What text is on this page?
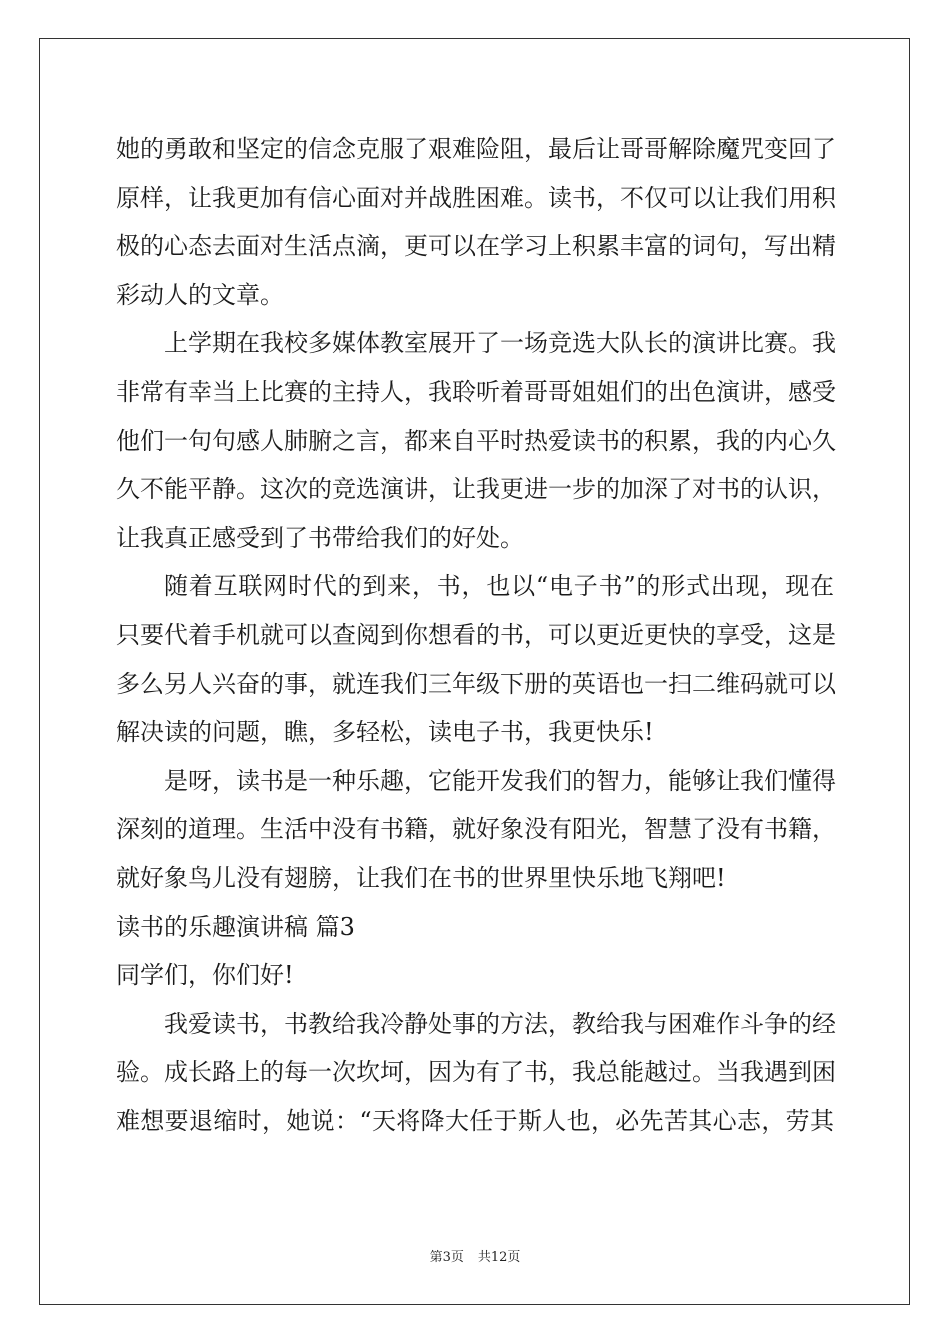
她的勇敢和坚定的信念克服了艰难险阻，最后让哥哥解除魔咒变回了
原样，让我更加有信心面对并战胜困难。读书，不仅可以让我们用积
极的心态去面对生活点滴，更可以在学习上积累丰富的词句，写出精
彩动人的文章。
上学期在我校多媒体教室展开了一场竞选大队长的演讲比赛。我
非常有幸当上比赛的主持人，我聆听着哥哥姐姐们的出色演讲，感受
他们一句句感人肺腑之言，都来自平时热爱读书的积累，我的内心久
久不能平静。这次的竞选演讲，让我更进一步的加深了对书的认识，
让我真正感受到了书带给我们的好处。
随着互联网时代的到来，书，也以“电子书”的形式出现，现在
只要代着手机就可以查阅到你想看的书，可以更近更快的享受，这是
多么另人兴奋的事，就连我们三年级下册的英语也一扫二维码就可以
解决读的问题，瞧，多轻松，读电子书，我更快乐!
是呀，读书是一种乐趣，它能开发我们的智力，能够让我们懂得
深刻的道理。生活中没有书籍，就好象没有阳光，智慧了没有书籍，
就好象鸟儿没有翅膀，让我们在书的世界里快乐地飞翔吧!
读书的乐趣演讲稿 篇3
同学们，你们好!
我爱读书，书教给我冷静处事的方法，教给我与困难作斗争的经
验。成长路上的每一次坎坷，因为有了书，我总能越过。当我遇到困
难想要退缩时，她说：“天将降大任于斯人也，必先苦其心志，劳其
第3页 共12页
